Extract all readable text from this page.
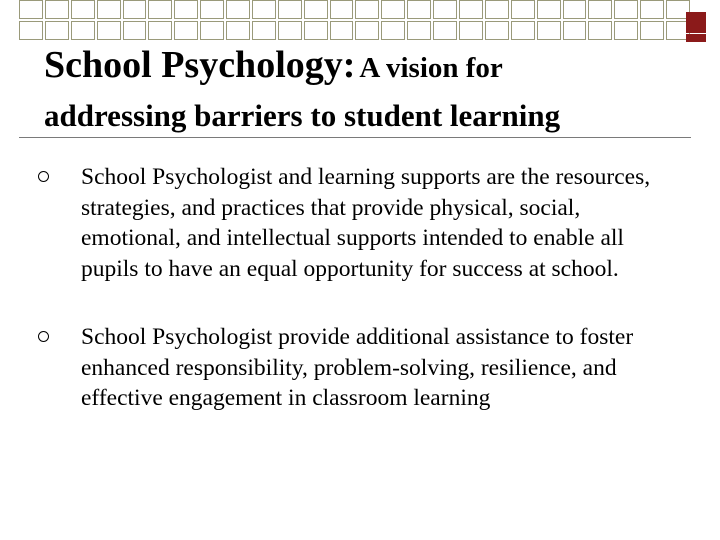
School Psychology: A vision for
addressing barriers to student learning
School Psychologist and learning supports are the resources, strategies, and practices that provide physical, social, emotional, and intellectual supports intended to enable all pupils to have an equal opportunity for success at school.
School Psychologist provide additional assistance to foster enhanced responsibility, problem-solving, resilience, and effective engagement in classroom learning
